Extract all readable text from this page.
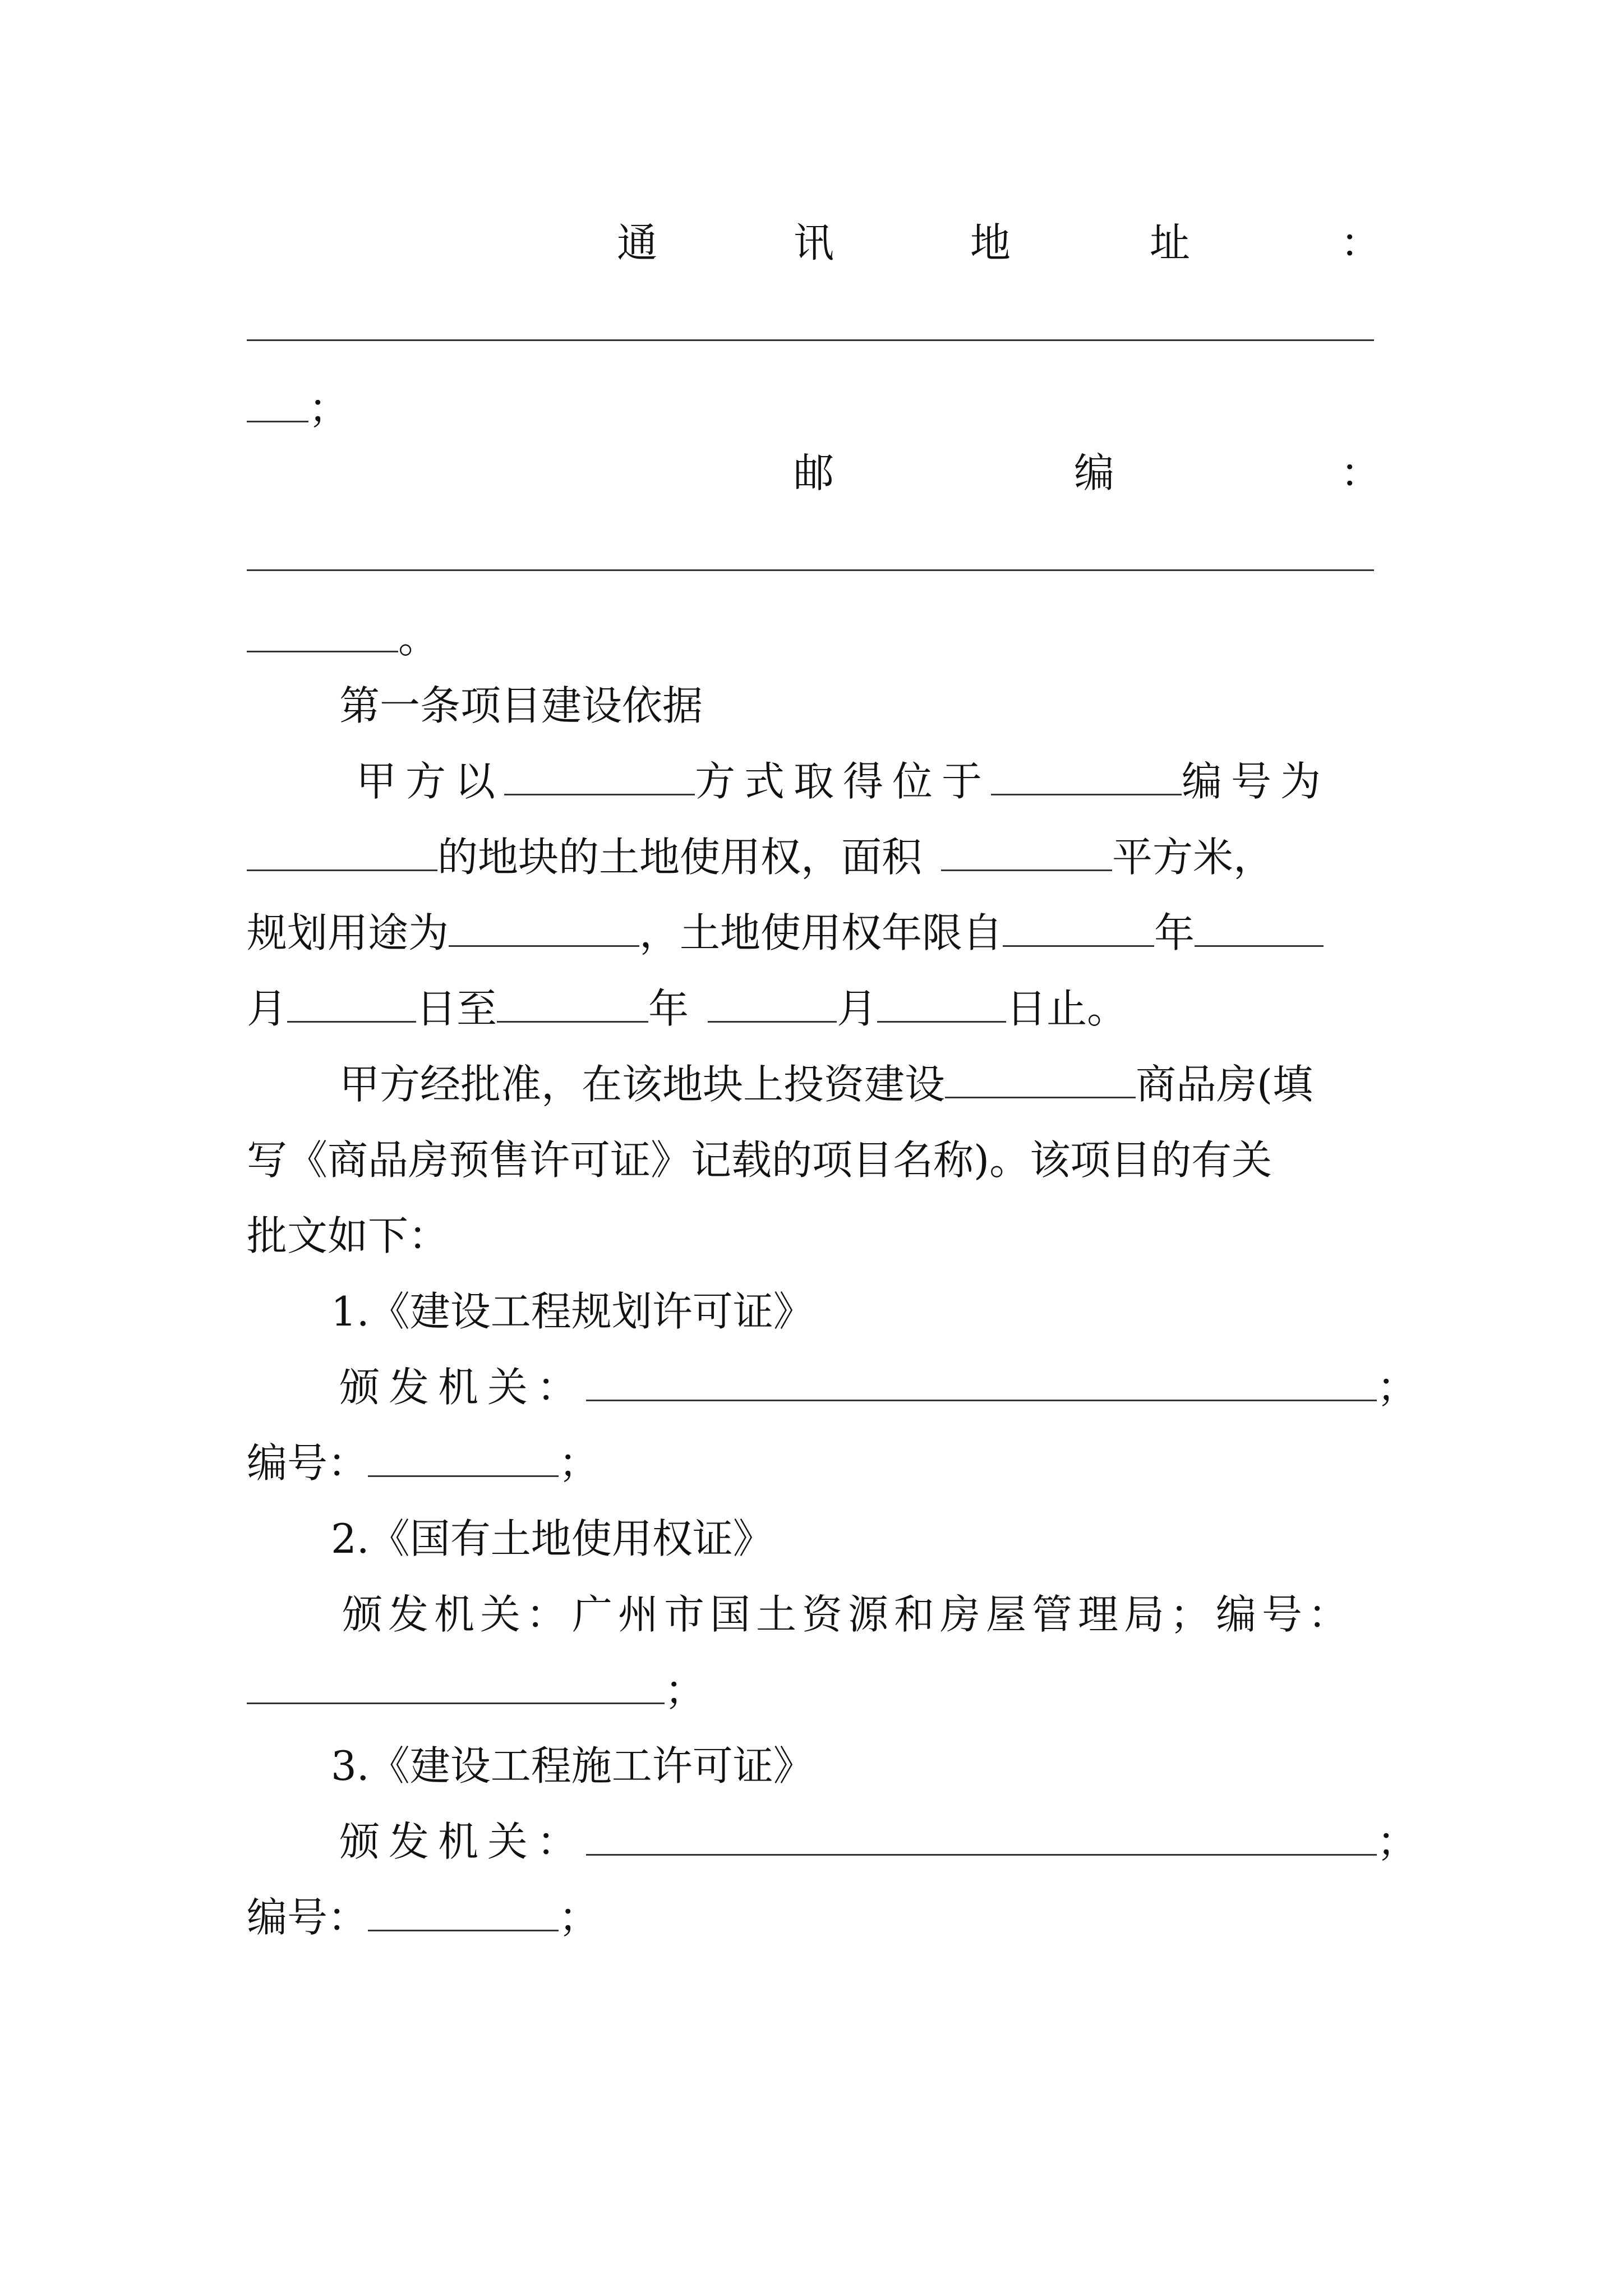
通	讯	地	址	：
；
邮	编	：
。
第一条项目建设依据
甲方以	方式取得位于	编号为
的地块的土地使用权，面积	平方米，
规划用途为	，土地使用权年限自	年
月	日至	年	月	日止。
甲方经批准，在该地块上投资建设	商品房(填
写《商品房预售许可证》记载的项目名称)。该项目的有关
批文如下：
1.《建设工程规划许可证》
颁发机关：	；
编号：	；
2.《国有土地使用权证》
颁发机关：广州市国土资源和房屋管理局；编号：
；
3.《建设工程施工许可证》
颁发机关：	；
编号：	；
